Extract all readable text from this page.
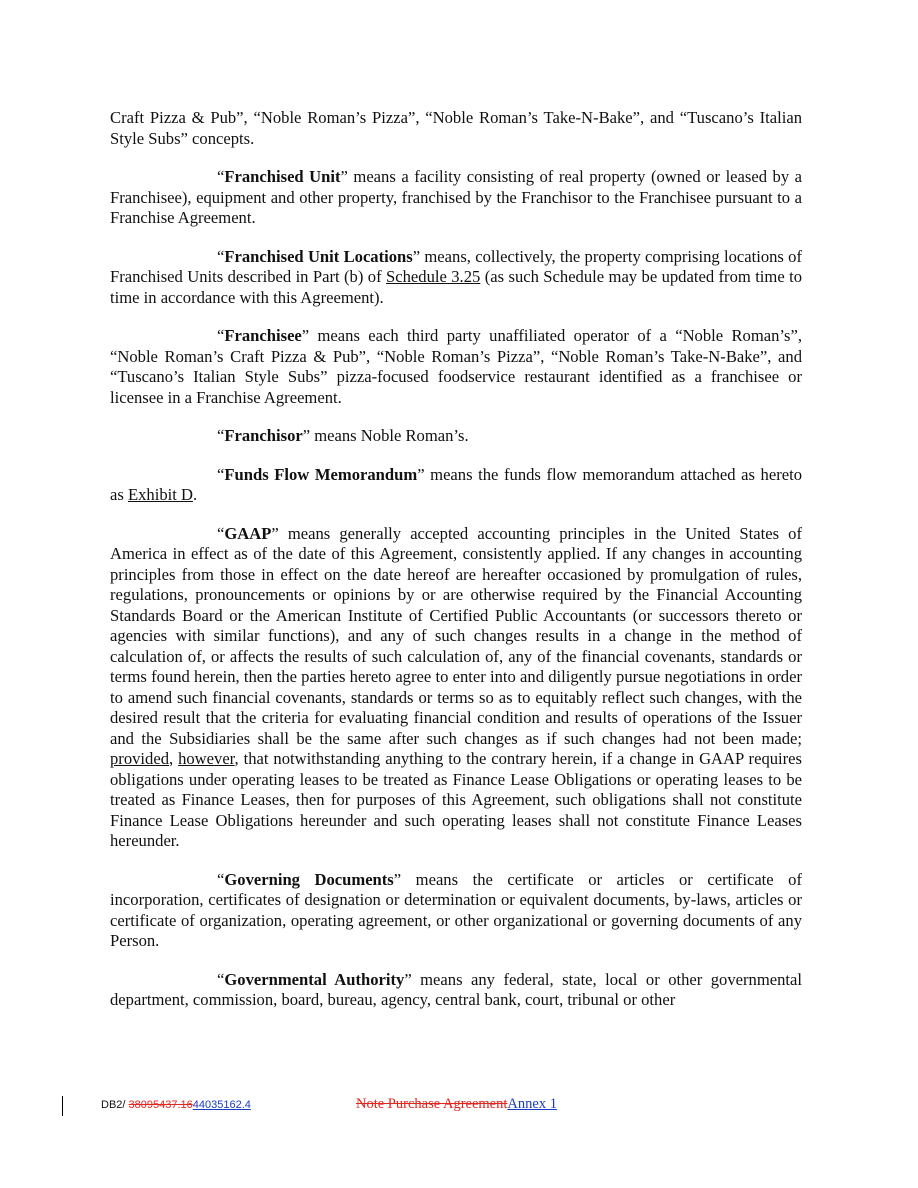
Craft Pizza & Pub”, “Noble Roman’s Pizza”, “Noble Roman’s Take-N-Bake”, and “Tuscano’s Italian Style Subs” concepts.

“Franchised Unit” means a facility consisting of real property (owned or leased by a Franchisee), equipment and other property, franchised by the Franchisor to the Franchisee pursuant to a Franchise Agreement.

“Franchised Unit Locations” means, collectively, the property comprising locations of Franchised Units described in Part (b) of Schedule 3.25 (as such Schedule may be updated from time to time in accordance with this Agreement).

“Franchisee” means each third party unaffiliated operator of a “Noble Roman’s”, “Noble Roman’s Craft Pizza & Pub”, “Noble Roman’s Pizza”, “Noble Roman’s Take-N-Bake”, and “Tuscano’s Italian Style Subs” pizza-focused foodservice restaurant identified as a franchisee or licensee in a Franchise Agreement.

“Franchisor” means Noble Roman’s.

“Funds Flow Memorandum” means the funds flow memorandum attached as hereto as Exhibit D.

“GAAP” means generally accepted accounting principles in the United States of America in effect as of the date of this Agreement, consistently applied. If any changes in accounting principles from those in effect on the date hereof are hereafter occasioned by promulgation of rules, regulations, pronouncements or opinions by or are otherwise required by the Financial Accounting Standards Board or the American Institute of Certified Public Accountants (or successors thereto or agencies with similar functions), and any of such changes results in a change in the method of calculation of, or affects the results of such calculation of, any of the financial covenants, standards or terms found herein, then the parties hereto agree to enter into and diligently pursue negotiations in order to amend such financial covenants, standards or terms so as to equitably reflect such changes, with the desired result that the criteria for evaluating financial condition and results of operations of the Issuer and the Subsidiaries shall be the same after such changes as if such changes had not been made; provided, however, that notwithstanding anything to the contrary herein, if a change in GAAP requires obligations under operating leases to be treated as Finance Lease Obligations or operating leases to be treated as Finance Leases, then for purposes of this Agreement, such obligations shall not constitute Finance Lease Obligations hereunder and such operating leases shall not constitute Finance Leases hereunder.

“Governing Documents” means the certificate or articles or certificate of incorporation, certificates of designation or determination or equivalent documents, by-laws, articles or certificate of organization, operating agreement, or other organizational or governing documents of any Person.

“Governmental Authority” means any federal, state, local or other governmental department, commission, board, bureau, agency, central bank, court, tribunal or other

DB2/ 38095437.1644035162.4	Note Purchase AgreementAnnex 1
